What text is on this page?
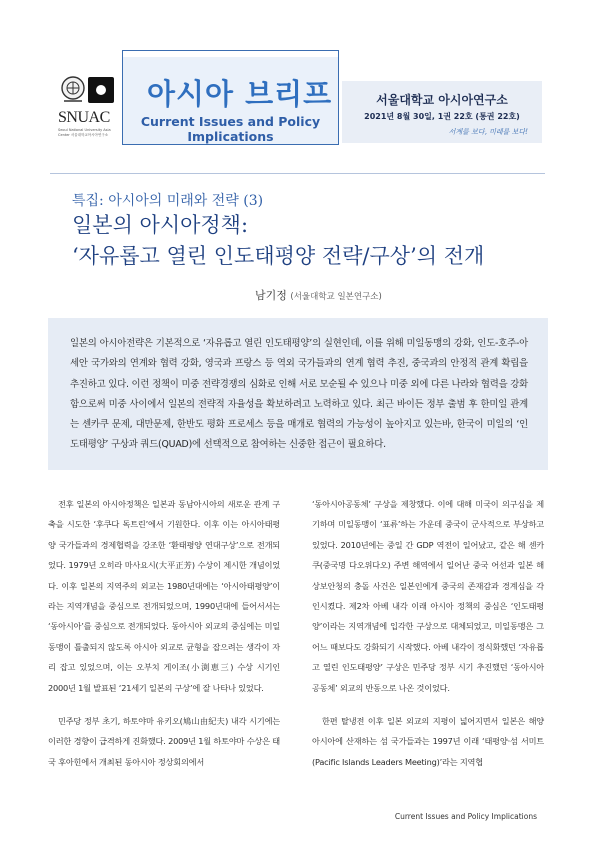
SNUAC
Seoul National University Asia Center 서울대학교아시아연구소
아시아 브리프
Current Issues and Policy Implications
서울대학교 아시아연구소
2021년 8월 30일, 1권 22호 (통권 22호)
서계를 보다, 미래를 보다!
특집: 아시아의 미래와 전략 (3)
일본의 아시아정책:
‘자유롭고 열린 인도태평양 전략/구상’의 전개
남기정 (서울대학교 일본연구소)
일본의 아시아전략은 기본적으로 ‘자유롭고 열린 인도태평양’의 실현인데, 이를 위해 미일동맹의 강화, 인도-호주-아세안 국가와의 연계와 협력 강화, 영국과 프랑스 등 역외 국가들과의 연계 협력 추진, 중국과의 안정적 관계 확립을 추진하고 있다. 이런 정책이 미중 전략경쟁의 심화로 인해 서로 모순될 수 있으나 미중 외에 다른 나라와 협력을 강화함으로써 미중 사이에서 일본의 전략적 자율성을 확보하려고 노력하고 있다. 최근 바이든 정부 출범 후 한미일 관계는 센카쿠 문제, 대만문제, 한반도 평화 프로세스 등을 매개로 협력의 가능성이 높아지고 있는바, 한국이 미일의 ‘인도태평양’ 구상과 쿼드(QUAD)에 선택적으로 참여하는 신중한 접근이 필요하다.

전후 일본의 아시아정책은 일본과 동남아시아의 새로운 관계 구축을 시도한 ‘후쿠다 독트린’에서 기원한다. 이후 이는 아시아태평양 국가들과의 경제협력을 강조한 ‘환태평양 연대구상’으로 전개되었다. 1979년 오히라 마사요시(大平正芳) 수상이 제시한 개념이었다. 이후 일본의 지역주의 외교는 1980년대에는 ‘아시아태평양’이라는 지역개념을 중심으로 전개되었으며, 1990년대에 들어서서는 ‘동아시아’를 중심으로 전개되었다. 동아시아 외교의 중심에는 미일동맹이 틀출되지 않도록 아시아 외교로 균형을 잡으려는 생각이 자리 잡고 있었으며, 이는 오부치 게이조(小渕恵三) 수상 시기인 2000년 1월 발표된 ‘21세기 일본의 구상’에 잘 나타나 있었다.

민주당 정부 초기, 하토야마 유키오(鳩山由紀夫) 내각 시기에는 이러한 경향이 급격하게 진화했다. 2009년 1월 하토야마 수상은 태국 후아힌에서 개최된 동아시아 정상회의에서

‘동아시아공동체’ 구상을 제창했다. 이에 대해 미국이 의구심을 제기하며 미일동맹이 ‘표류’하는 가운데 중국이 군사적으로 부상하고 있었다. 2010년에는 중일 간 GDP 역전이 일어났고, 같은 해 센카쿠(중국명 다오위다오) 주변 해역에서 일어난 중국 어선과 일본 해상보안청의 충돌 사건은 일본인에게 중국의 존재감과 경계심을 각인시켰다. 제2차 아베 내각 이래 아시아 정책의 중심은 ‘인도태평양’이라는 지역개념에 입각한 구상으로 대체되었고, 미일동맹은 그 어느 때보다도 강화되기 시작했다. 아베 내각이 정식화했던 ‘자유롭고 열린 인도태평양’ 구상은 민주당 정부 시기 추진했던 ‘동아시아공동체’ 외교의 반동으로 나온 것이었다.

한편 탈냉전 이후 일본 외교의 지평이 넓어지면서 일본은 해양 아시아에 산재하는 섬 국가들과는 1997년 이래 ‘태평양·섬 서미트(Pacific Islands Leaders Meeting)’라는 지역협

Current Issues and Policy Implications
